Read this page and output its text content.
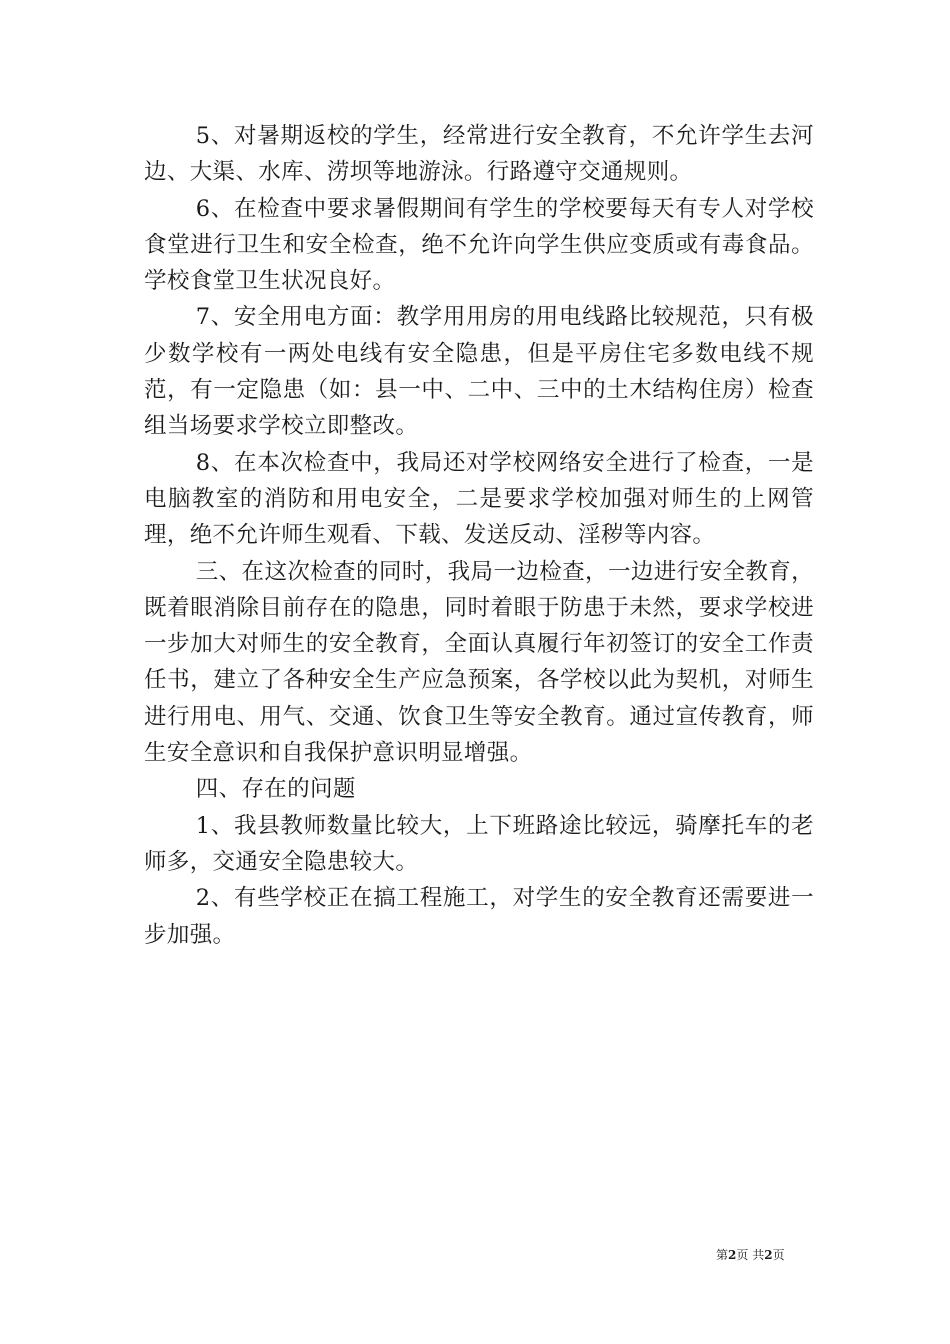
5、对暑期返校的学生，经常进行安全教育，不允许学生去河边、大渠、水库、涝坝等地游泳。行路遵守交通规则。

6、在检查中要求暑假期间有学生的学校要每天有专人对学校食堂进行卫生和安全检查，绝不允许向学生供应变质或有毒食品。学校食堂卫生状况良好。

7、安全用电方面：教学用用房的用电线路比较规范，只有极少数学校有一两处电线有安全隐患，但是平房住宅多数电线不规范，有一定隐患（如：县一中、二中、三中的土木结构住房）检查组当场要求学校立即整改。

8、在本次检查中，我局还对学校网络安全进行了检查，一是电脑教室的消防和用电安全，二是要求学校加强对师生的上网管理，绝不允许师生观看、下载、发送反动、淫秽等内容。

三、在这次检查的同时，我局一边检查，一边进行安全教育，既着眼消除目前存在的隐患，同时着眼于防患于未然，要求学校进一步加大对师生的安全教育，全面认真履行年初签订的安全工作责任书，建立了各种安全生产应急预案，各学校以此为契机，对师生进行用电、用气、交通、饮食卫生等安全教育。通过宣传教育，师生安全意识和自我保护意识明显增强。

四、存在的问题

1、我县教师数量比较大，上下班路途比较远，骑摩托车的老师多，交通安全隐患较大。

2、有些学校正在搞工程施工，对学生的安全教育还需要进一步加强。

第2页 共2页
